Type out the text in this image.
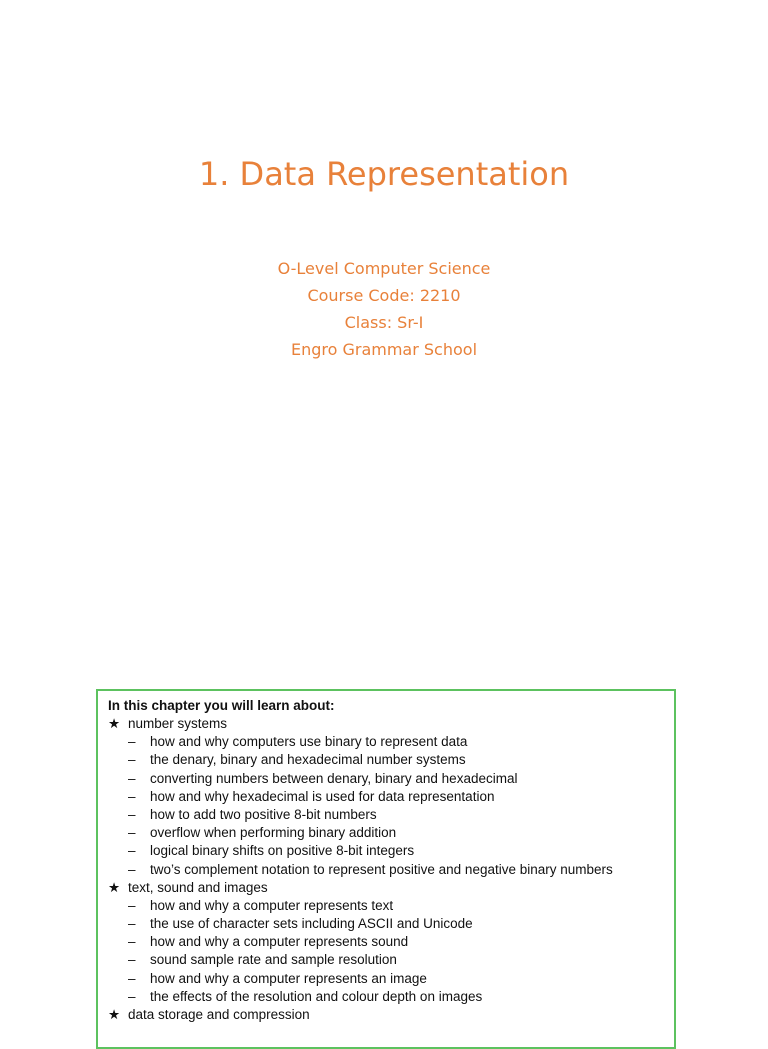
1. Data Representation
O-Level Computer Science
Course Code: 2210
Class: Sr-I
Engro Grammar School
In this chapter you will learn about:
★ number systems
– how and why computers use binary to represent data
– the denary, binary and hexadecimal number systems
– converting numbers between denary, binary and hexadecimal
– how and why hexadecimal is used for data representation
– how to add two positive 8-bit numbers
– overflow when performing binary addition
– logical binary shifts on positive 8-bit integers
– two’s complement notation to represent positive and negative binary numbers
★ text, sound and images
– how and why a computer represents text
– the use of character sets including ASCII and Unicode
– how and why a computer represents sound
– sound sample rate and sample resolution
– how and why a computer represents an image
– the effects of the resolution and colour depth on images
★ data storage and compression
